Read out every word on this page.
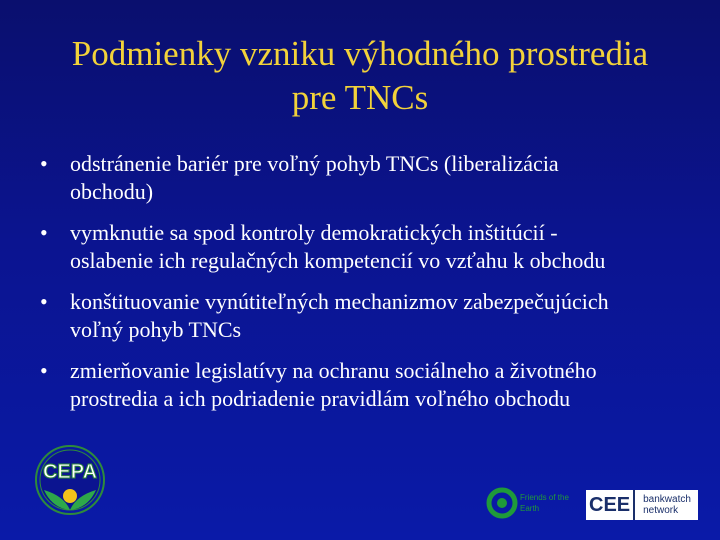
Podmienky vzniku výhodného prostredia
pre TNCs
• odstránenie bariér pre voľný pohyb TNCs (liberalizácia
obchodu)
• vymknutie sa spod kontroly demokratických inštitúcií -
oslabenie ich regulačných kompetencií vo vzťahu k obchodu
• konštituovanie vynútiteľných mechanizmov zabezpečujúcich
voľný pohyb TNCs
• zmierňovanie legislatívy na ochranu sociálneho a životného
prostredia a ich podriadenie pravidlám voľného obchodu
CEPA
Friends of the
Earth CEE	bankwatch
network
